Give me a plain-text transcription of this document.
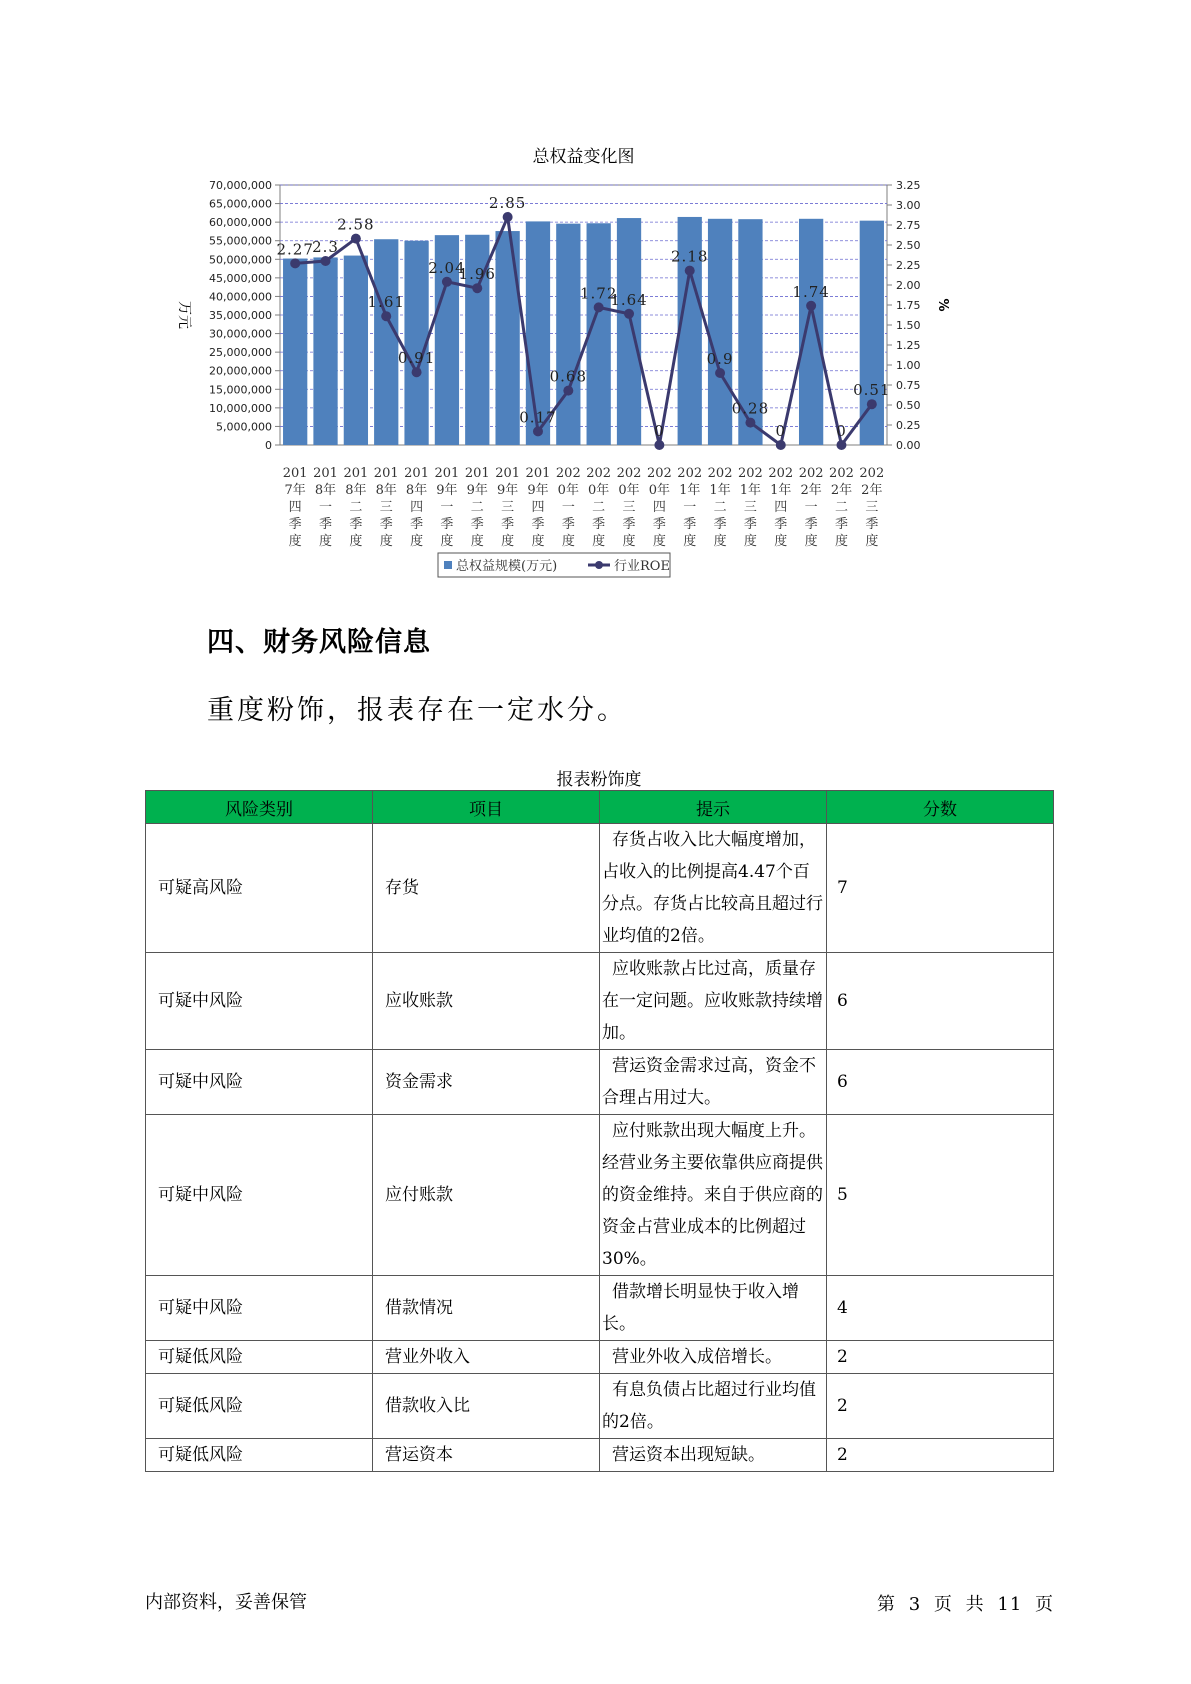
总权益变化图
70,000,000
65,000,000
60,000,000
55,000,000
50,000,000
45,000,000
40,000,000
35,000,000
30,000,000
25,000,000
20,000,000
15,000,000
10,000,000
5,000,000
0
3.25
3.00
2.75
2.50
2.25
2.00
1.75
1.50
1.25
1.00
0.75
0.50
0.25
0.00
万元	%
2.27
2.3
2.58
1.61
0.91
2.04
1.96
2.85
0.17
0.68
1.72
1.64
0
2.18
0.9
0.28
0
1.74
0
0.51
201
7年
四
季
度
201
8年
一
季
度
201
8年
二
季
度
201
8年
三
季
度
201
8年
四
季
度
201
9年
一
季
度
201
9年
二
季
度
201
9年
三
季
度
201
9年
四
季
度
202
0年
一
季
度
202
0年
二
季
度
202
0年
三
季
度
202
0年
四
季
度
202
1年
一
季
度
202
1年
二
季
度
202
1年
三
季
度
202
1年
四
季
度
202
2年
一
季
度
202
2年
二
季
度
202
2年
三
季
度
总权益规模(万元)	行业ROE
四、财务风险信息
重度粉饰，报表存在一定水分。
报表粉饰度
风险类别	项目	提示	分数
可疑高风险	存货	存货占收入比大幅度增加，占收入的比例提高4.47个百分点。存货占比较高且超过行业均值的2倍。	7
可疑中风险	应收账款	应收账款占比过高，质量存在一定问题。应收账款持续增加。	6
可疑中风险	资金需求	营运资金需求过高，资金不合理占用过大。	6
可疑中风险	应付账款	应付账款出现大幅度上升。经营业务主要依靠供应商提供的资金维持。来自于供应商的资金占营业成本的比例超过30%。	5
可疑中风险	借款情况	借款增长明显快于收入增长。	4
可疑低风险	营业外收入	营业外收入成倍增长。	2
可疑低风险	借款收入比	有息负债占比超过行业均值的2倍。	2
可疑低风险	营运资本	营运资本出现短缺。	2
内部资料，妥善保管	第 3 页 共 11 页
